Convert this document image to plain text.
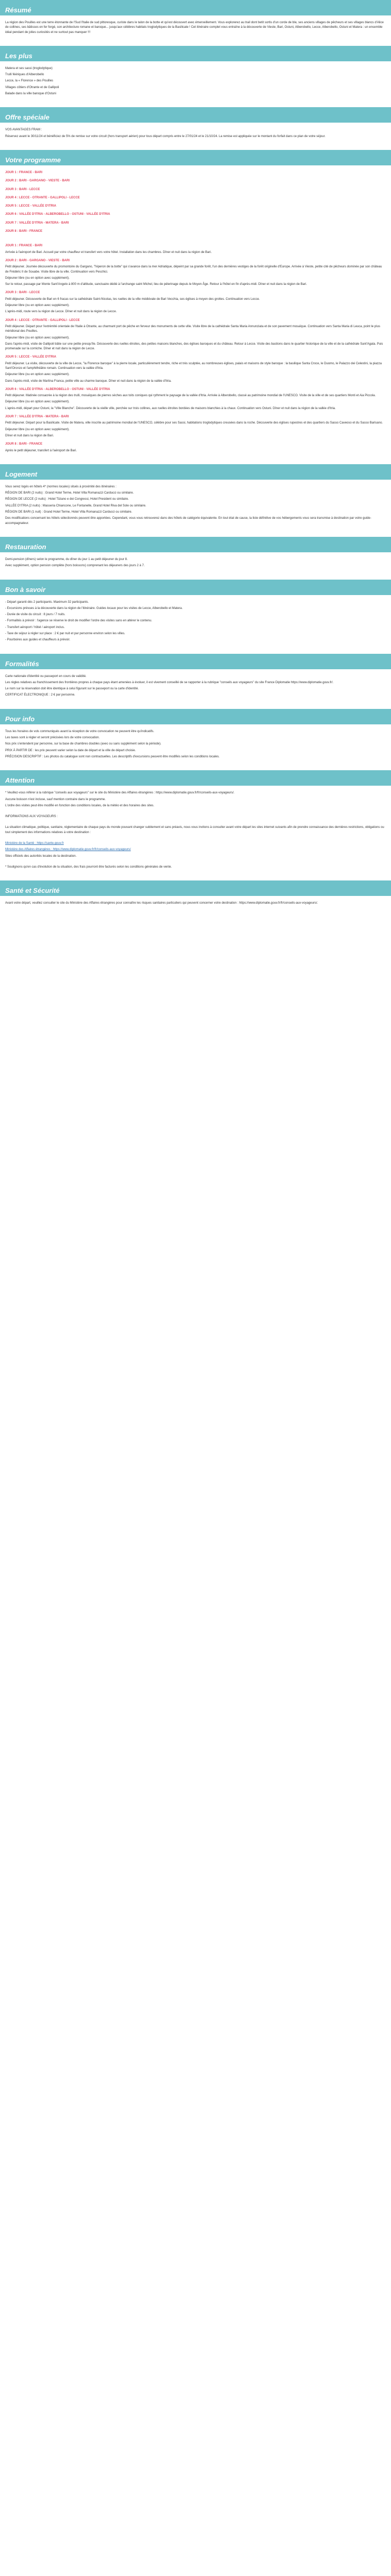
Résumé

La région des Pouilles est une terre étonnante de l'Sud l'Italie de sud pittoresque, curiste dans le talon de la botte et qu'est découvert avec émerveillement. Vous explorerez au trail dont betit sortis d'un corde de ble, ses anciens villages de pêcheurs et ses villages blancs d'Alice de collines, ses bâtisses en fer forgé, son architecture romane et baroque... jusqu'aux célèbres habitats troglodytiques de la Basilicate ! Cet itinéraire complet vous entraîne à la découverte de Vieste, Bari, Ostuni, Alberobello, Lecce, Alberobello, Ostuni et Matera : un ensemble idéal pendant de jolies curiosités et ne surtout pas manquer !!!

Les plus

Matera et ses sassi (troglodytique)

Trulli féériques d'Alberobello

Lecce, la « Florence » des Pouilles

Villages côtiers d'Otrante et de Gallipoli

Balade dans la ville baroque d'Ostuni

Offre spéciale

VOS AVANTAGES FRAM :

Réservez avant le 30/11/24 et bénéficiez de 5% de remise sur votre circuit (hors transport aérien) pour tous départ compris entre le 27/01/24 et le 21/10/24. La remise est appliquée sur le montant du forfait dans ce plan de votre séjour.

Votre programme

JOUR 1 : FRANCE - BARI

JOUR 2 : BARI - GARGANO - VIESTE - BARI

JOUR 3 : BARI - LECCE

JOUR 4 : LECCE - OTRANTE - GALLIPOLI - LECCE

JOUR 5 : LECCE - VALLÉE D'ITRIA

JOUR 6 : VALLÉE D'ITRIA - ALBEROBELLO - OSTUNI - VALLÉE D'ITRIA

JOUR 7 : VALLÉE D'ITRIA - MATERA - BARI

JOUR 8 : BARI - FRANCE

JOUR 1 : FRANCE - BARI

Arrivée à l'aéroport de Bari. Accueil par votre chauffeur et transfert vers votre hôtel. Installation dans les chambres. Dîner et nuit dans la région de Bari.

JOUR 2 : BARI - GARGANO - VIESTE - BARI

Petit déjeuner. Journée découverte du promontoire du Gargano, "l'éperon de la botte" qui s'avance dans la mer Adriatique, dépeint par sa grande forêt, l'un des dernières vestiges de la forêt originelle d'Europe. Arrivée à Vieste, petite cité de pêcheurs dominée par son château de Frédéric II de Souabe. Visite libre de la ville. Continuation vers Peschici.

Déjeuner libre (ou en option avec supplément).

Sur le retour, passage par Monte Sant'Angelo à 800 m d'altitude, sanctuaire dédié à l'archange saint Michel, lieu de pèlerinage depuis le Moyen Âge. Retour à l'hôtel en fin d'après-midi. Dîner et nuit dans la région de Bari.

JOUR 3 : BARI - LECCE

Petit déjeuner. Découverte de Bari en 6 fracas sur la cathédrale Saint-Nicolas, les ruelles de la ville médiévale de Bari Vecchia, ses églises à moyen des grottes. Continuation vers Lecce.

Déjeuner libre (ou en option avec supplément).

L'après-midi, route vers la région de Lecce. Dîner et nuit dans la région de Lecce.

JOUR 4 : LECCE - OTRANTE - GALLIPOLI - LECCE

Petit déjeuner. Départ pour l'extrémité orientale de l'Italie à Otrante, au charmant port de pêche en ferveur des monuments de cette ville. Visite libre de la cathédrale Santa Maria Annunziata et de son pavement mosaïque. Continuation vers Santa Maria di Leuca, point le plus méridional des Pouilles.

Déjeuner libre (ou en option avec supplément).

Dans l'après-midi, visite de Gallipoli bâtie sur une petite presqu'île. Découverte des ruelles étroites, des petites maisons blanches, des églises baroques et du château. Retour à Lecce. Visite des bastions dans le quartier historique de la ville et de la cathédrale Sant'Agata. Puis promenade sur la corniche. Dîner et nuit dans la région de Lecce.

JOUR 5 : LECCE - VALLÉE D'ITRIA

Petit déjeuner. La visite, découverte de la ville de Lecce, "la Florence baroque" à la pierre locale, particulièrement tendre, riche et très sculptée, au nombreuses églises, palais et maisons de style baroque : la basilique Santa Croce, le Duomo, le Palazzo dei Celestini, la piazza Sant'Oronzo et l'amphithéâtre romain. Continuation vers la vallée d'Itria.

Déjeuner libre (ou en option avec supplément).

Dans l'après-midi, visite de Martina Franca, petite ville au charme baroque. Dîner et nuit dans la région de la vallée d'Itria.

JOUR 6 : VALLÉE D'ITRIA - ALBEROBELLO - OSTUNI - VALLÉE D'ITRIA

Petit déjeuner. Matinée consacrée à la région des trulli, mosaïques de pierres sèches aux toits coniques qui rythment le paysage de la vallée d'Itria. Arrivée à Alberobello, classé au patrimoine mondial de l'UNESCO. Visite de la ville et de ses quartiers Monti et Aia Piccola.

Déjeuner libre (ou en option avec supplément).

L'après-midi, départ pour Ostuni, la "Ville Blanche". Découverte de la vieille ville, perchée sur trois collines, aux ruelles étroites bordées de maisons blanchies à la chaux. Continuation vers Ostuni. Dîner et nuit dans la région de la vallée d'Itria.

JOUR 7 : VALLÉE D'ITRIA - MATERA - BARI

Petit déjeuner. Départ pour la Basilicate. Visite de Matera, ville inscrite au patrimoine mondial de l'UNESCO, célèbre pour ses Sassi, habitations troglodytiques creusées dans la roche. Découverte des églises rupestres et des quartiers du Sasso Caveoso et du Sasso Barisano.

Déjeuner libre (ou en option avec supplément).

Dîner et nuit dans la région de Bari.

JOUR 8 : BARI - FRANCE

Après le petit déjeuner, transfert à l'aéroport de Bari.

Logement

Vous serez logés en hôtels 4* (normes locales) situés à proximité des itinéraires :

RÉGION DE BARI (2 nuits) : Grand Hotel Terme, Hotel Villa Romanazzi Carducci ou similaire.

RÉGION DE LECCE (2 nuits) : Hotel Tiziano e dei Congressi, Hotel President ou similaire.

VALLÉE D'ITRIA (2 nuits) : Masseria Chiancone, Le Fontanelle, Grand Hotel Riva del Sole ou similaire.

RÉGION DE BARI (1 nuit) : Grand Hotel Terme, Hotel Villa Romanazzi Carducci ou similaire.

Des modifications concernant les hôtels sélectionnés peuvent être apportées. Cependant, vous vous retrouverez dans des hôtels de catégorie équivalente. En tout état de cause, la liste définitive de vos hébergements vous sera transmise à destination par votre guide-accompagnateur.

Restauration

Demi-pension (dîners) selon le programme, du dîner du jour 1 au petit déjeuner du jour 8.

Avec supplément, option pension complète (hors boissons) comprenant les déjeuners des jours 2 à 7.

Bon à savoir

- Départ garanti dès 2 participants. Maximum 32 participants.

- Excursions prévues à la découverte dans la région de l'itinéraire. Guides locaux pour les visites de Lecce, Alberobello et Matera.

- Durée de visite du circuit : 8 jours / 7 nuits.

- Formalités à prévoir : l'agence se réserve le droit de modifier l'ordre des visites sans en altérer le contenu.

- Transfert aéroport / hôtel / aéroport inclus.

- Taxe de séjour à régler sur place : 2 € par nuit et par personne environ selon les villes.

- Pourboires aux guides et chauffeurs à prévoir.

Formalités

Carte nationale d'identité ou passeport en cours de validité.

Les règles relatives au franchissement des frontières propres à chaque pays étant amenées à évoluer, il est vivement conseillé de se rapporter à la rubrique "conseils aux voyageurs" du site France Diplomatie https://www.diplomatie.gouv.fr/.

Le nom sur la réservation doit être identique à celui figurant sur le passeport ou la carte d'identité.

CERTIFICAT ÉLECTRONIQUE : 2 € par personne.

Pour info

Tous les horaires de vols communiqués avant la réception de votre convocation ne peuvent être qu'indicatifs.

Les taxes sont à régler et seront précisées lors de votre convocation.

Nos prix s'entendent par personne, sur la base de chambres doubles (avec ou sans supplément selon la période).

PRIX À PARTIR DE : les prix peuvent varier selon la date de départ et la ville de départ choisie.

PRÉCISION DESCRIPTIF : Les photos du catalogue sont non contractuelles. Les descriptifs d'excursions peuvent être modifiés selon les conditions locales.

Attention

* Veuillez-vous référer à la rubrique "conseils aux voyageurs" sur le site du Ministère des Affaires étrangères : https://www.diplomatie.gouv.fr/fr/conseils-aux-voyageurs/.

Aucune boisson n'est incluse, sauf mention contraire dans le programme.

L'ordre des visites peut être modifié en fonction des conditions locales, de la météo et des horaires des sites.

INFORMATIONS AUX VOYAGEURS :

La situation climatique, politique, sanitaire, réglementaire de chaque pays du monde pouvant changer subitement et sans préavis, nous vous invitons à consulter avant votre départ les sites internet suivants afin de prendre connaissance des dernières restrictions, obligations ou tout simplement des informations relatives à votre destination :

Ministère de la Santé : https://sante.gouv.fr

Ministère des Affaires étrangères : https://www.diplomatie.gouv.fr/fr/conseils-aux-voyageurs/

Sites officiels des autorités locales de la destination.

* Soulignons qu'en cas d'évolution de la situation, des frais pourront être facturés selon les conditions générales de vente.

Santé et Sécurité

Avant votre départ, veuillez consulter le site du Ministère des Affaires étrangères pour connaître les risques sanitaires particuliers qui peuvent concerner votre destination : https://www.diplomatie.gouv.fr/fr/conseils-aux-voyageurs/.
